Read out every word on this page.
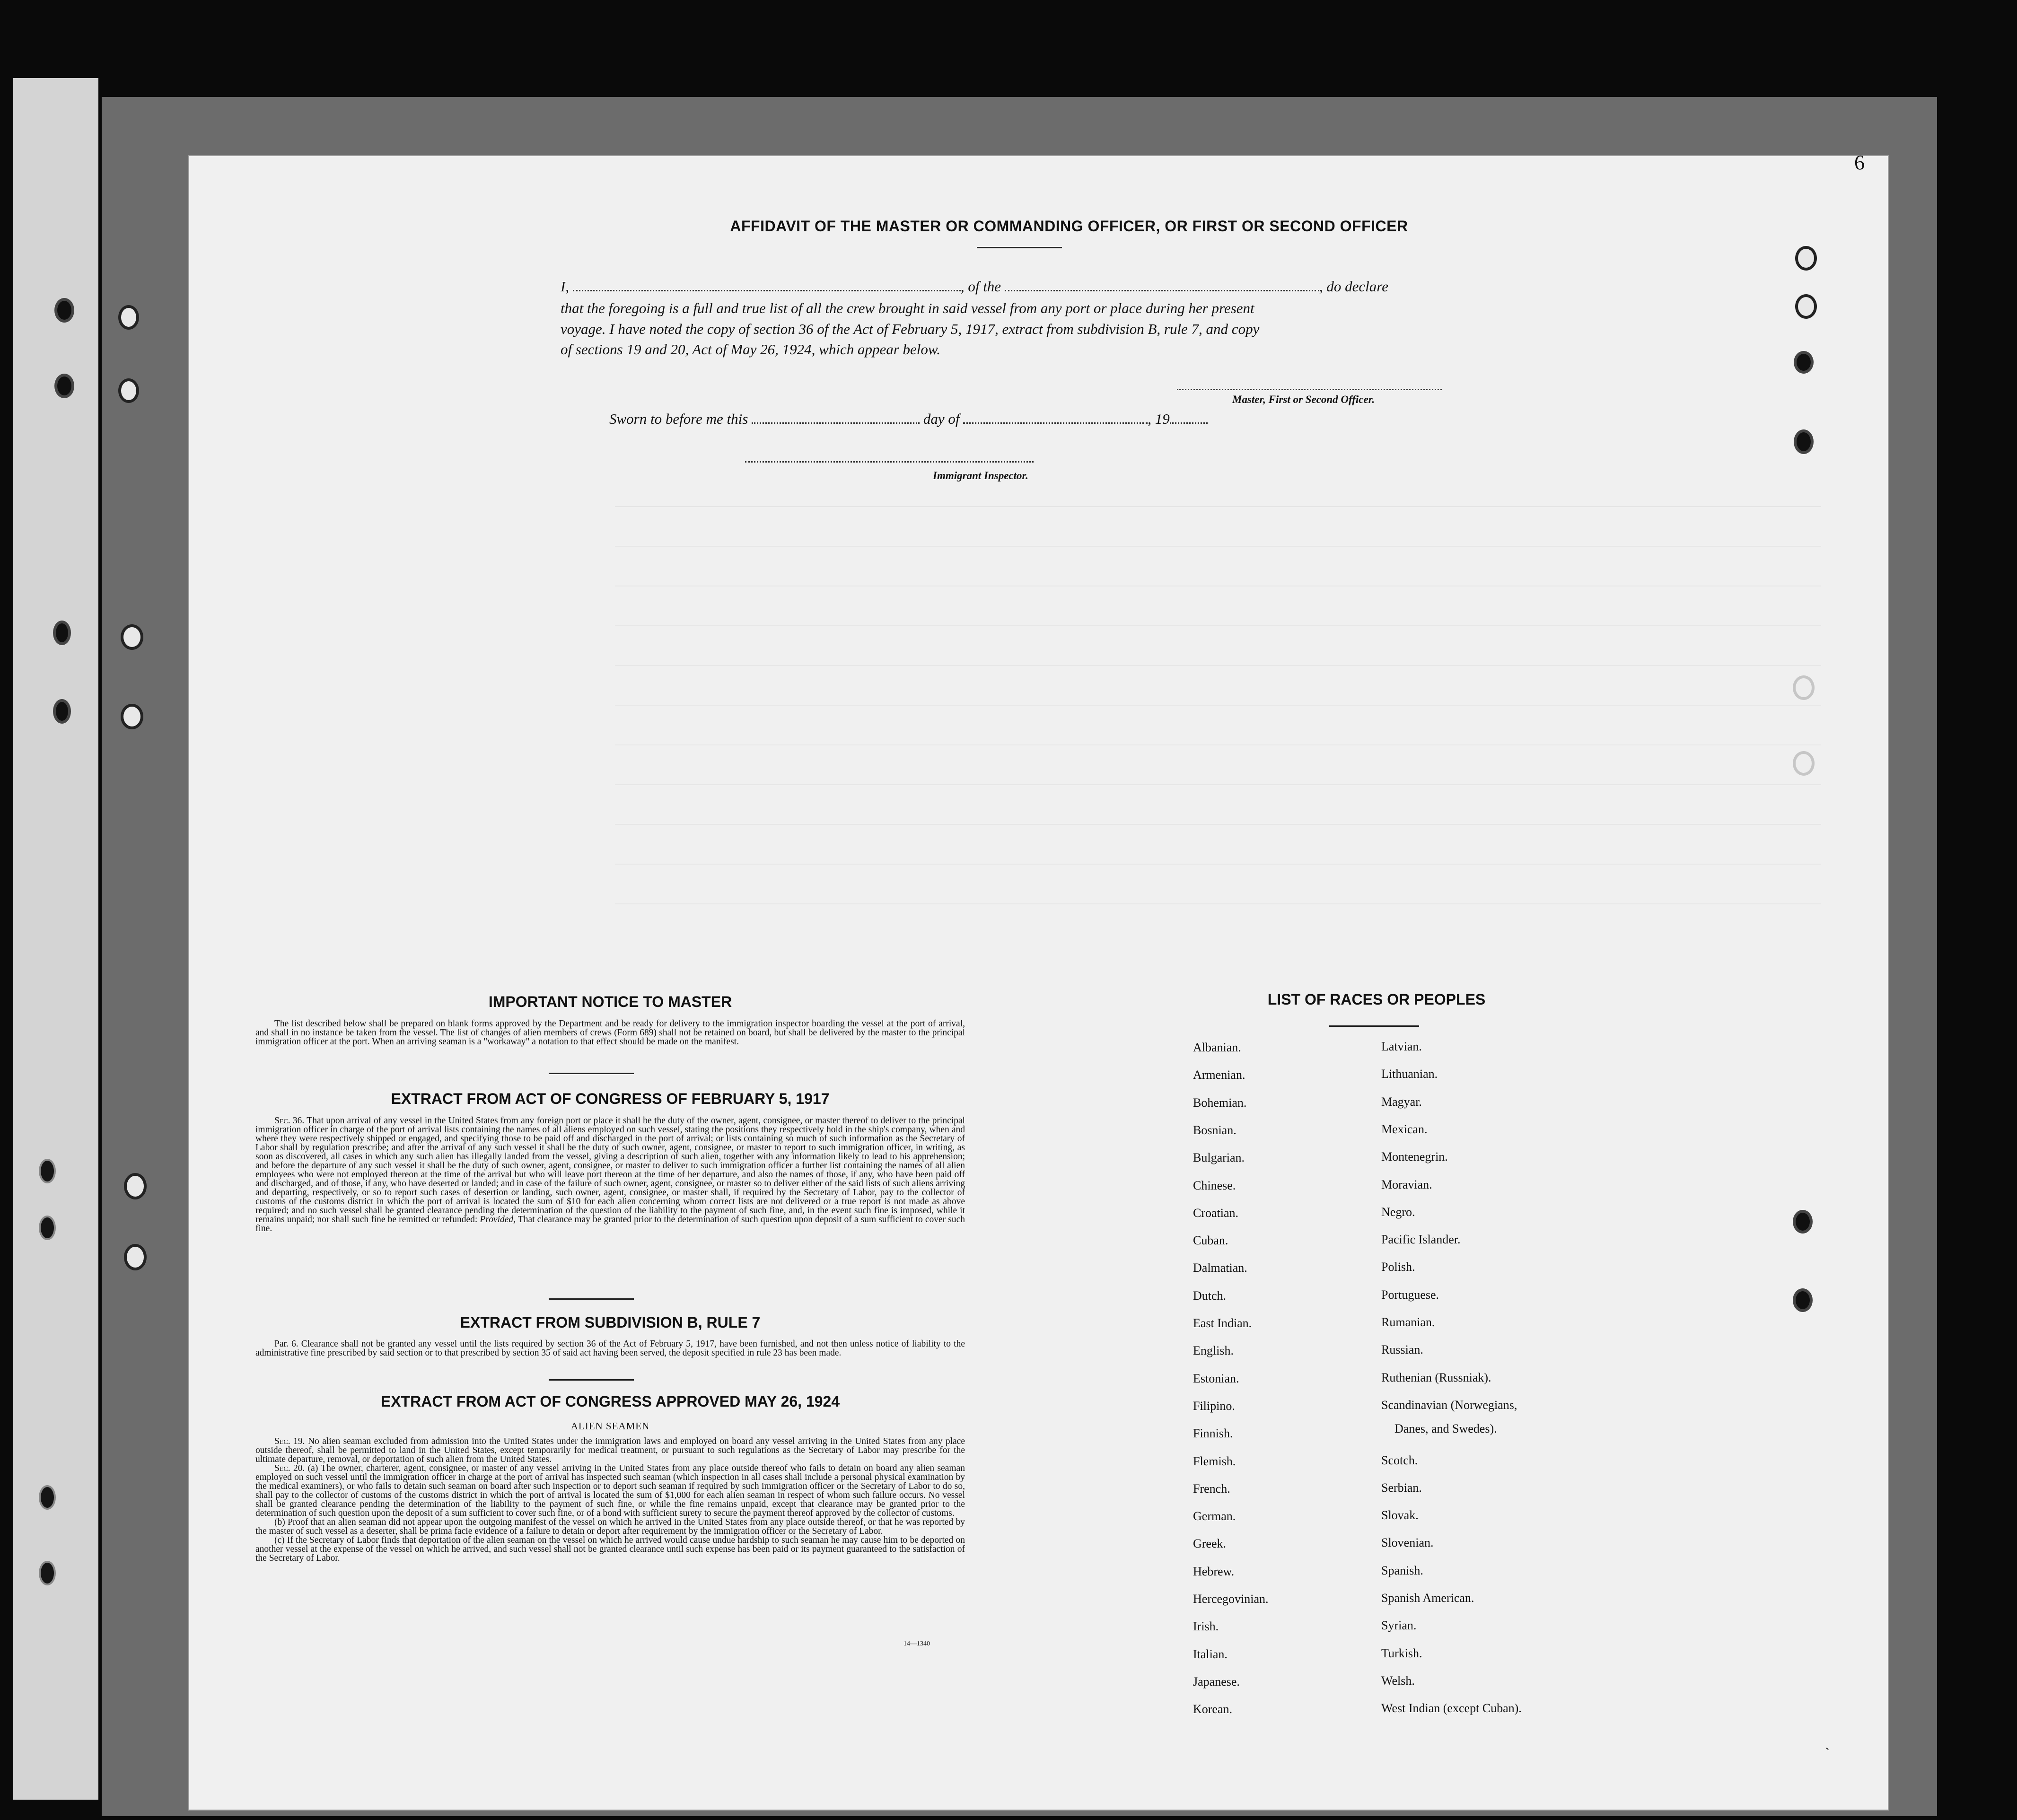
6
AFFIDAVIT OF THE MASTER OR COMMANDING OFFICER, OR FIRST OR SECOND OFFICER
I,	, of the	, do declare
that the foregoing is a full and true list of all the crew brought in said vessel from any port or place during her present
voyage. I have noted the copy of section 36 of the Act of February 5, 1917, extract from subdivision B, rule 7, and copy
of sections 19 and 20, Act of May 26, 1924, which appear below.
Master, First or Second Officer.
Sworn to before me this	day of	, 19
Immigrant Inspector.
IMPORTANT NOTICE TO MASTER

The list described below shall be prepared on blank forms approved by the Department and be ready for delivery to the immigration inspector boarding the vessel at the port of arrival, and shall in no instance be taken from the vessel. The list of changes of alien members of crews (Form 689) shall not be retained on board, but shall be delivered by the master to the principal immigration officer at the port. When an arriving seaman is a "workaway" a notation to that effect should be made on the manifest.

EXTRACT FROM ACT OF CONGRESS OF FEBRUARY 5, 1917

Sec. 36. That upon arrival of any vessel in the United States from any foreign port or place it shall be the duty of the owner, agent, consignee, or master thereof to deliver to the principal immigration officer in charge of the port of arrival lists containing the names of all aliens employed on such vessel, stating the positions they respectively hold in the ship's company, when and where they were respectively shipped or engaged, and specifying those to be paid off and discharged in the port of arrival; or lists containing so much of such information as the Secretary of Labor shall by regulation prescribe; and after the arrival of any such vessel it shall be the duty of such owner, agent, consignee, or master to report to such immigration officer, in writing, as soon as discovered, all cases in which any such alien has illegally landed from the vessel, giving a description of such alien, together with any information likely to lead to his apprehension; and before the departure of any such vessel it shall be the duty of such owner, agent, consignee, or master to deliver to such immigration officer a further list containing the names of all alien employees who were not employed thereon at the time of the arrival but who will leave port thereon at the time of her departure, and also the names of those, if any, who have been paid off and discharged, and of those, if any, who have deserted or landed; and in case of the failure of such owner, agent, consignee, or master so to deliver either of the said lists of such aliens arriving and departing, respectively, or so to report such cases of desertion or landing, such owner, agent, consignee, or master shall, if required by the Secretary of Labor, pay to the collector of customs of the customs district in which the port of arrival is located the sum of $10 for each alien concerning whom correct lists are not delivered or a true report is not made as above required; and no such vessel shall be granted clearance pending the determination of the question of the liability to the payment of such fine, and, in the event such fine is imposed, while it remains unpaid; nor shall such fine be remitted or refunded: Provided, That clearance may be granted prior to the determination of such question upon deposit of a sum sufficient to cover such fine.

EXTRACT FROM SUBDIVISION B, RULE 7

Par. 6. Clearance shall not be granted any vessel until the lists required by section 36 of the Act of February 5, 1917, have been furnished, and not then unless notice of liability to the administrative fine prescribed by said section or to that prescribed by section 35 of said act having been served, the deposit specified in rule 23 has been made.

EXTRACT FROM ACT OF CONGRESS APPROVED MAY 26, 1924
ALIEN SEAMEN

Sec. 19. No alien seaman excluded from admission into the United States under the immigration laws and employed on board any vessel arriving in the United States from any place outside thereof, shall be permitted to land in the United States, except temporarily for medical treatment, or pursuant to such regulations as the Secretary of Labor may prescribe for the ultimate departure, removal, or deportation of such alien from the United States.

Sec. 20. (a) The owner, charterer, agent, consignee, or master of any vessel arriving in the United States from any place outside thereof who fails to detain on board any alien seaman employed on such vessel until the immigration officer in charge at the port of arrival has inspected such seaman (which inspection in all cases shall include a personal physical examination by the medical examiners), or who fails to detain such seaman on board after such inspection or to deport such seaman if required by such immigration officer or the Secretary of Labor to do so, shall pay to the collector of customs of the customs district in which the port of arrival is located the sum of $1,000 for each alien seaman in respect of whom such failure occurs. No vessel shall be granted clearance pending the determination of the liability to the payment of such fine, or while the fine remains unpaid, except that clearance may be granted prior to the determination of such question upon the deposit of a sum sufficient to cover such fine, or of a bond with sufficient surety to secure the payment thereof approved by the collector of customs.

(b) Proof that an alien seaman did not appear upon the outgoing manifest of the vessel on which he arrived in the United States from any place outside thereof, or that he was reported by the master of such vessel as a deserter, shall be prima facie evidence of a failure to detain or deport after requirement by the immigration officer or the Secretary of Labor.

(c) If the Secretary of Labor finds that deportation of the alien seaman on the vessel on which he arrived would cause undue hardship to such seaman he may cause him to be deported on another vessel at the expense of the vessel on which he arrived, and such vessel shall not be granted clearance until such expense has been paid or its payment guaranteed to the satisfaction of the Secretary of Labor.

14—1340
LIST OF RACES OR PEOPLES
Albanian.
Armenian.
Bohemian.
Bosnian.
Bulgarian.
Chinese.
Croatian.
Cuban.
Dalmatian.
Dutch.
East Indian.
English.
Estonian.
Filipino.
Finnish.
Flemish.
French.
German.
Greek.
Hebrew.
Hercegovinian.
Irish.
Italian.
Japanese.
Korean.
Latvian.
Lithuanian.
Magyar.
Mexican.
Montenegrin.
Moravian.
Negro.
Pacific Islander.
Polish.
Portuguese.
Rumanian.
Russian.
Ruthenian (Russniak).
Scandinavian (Norwegians,
Scotch.
Serbian.
Slovak.
Slovenian.
Spanish.
Spanish American.
Syrian.
Turkish.
Welsh.
West Indian (except Cuban).
Danes, and Swedes).
ˋ
